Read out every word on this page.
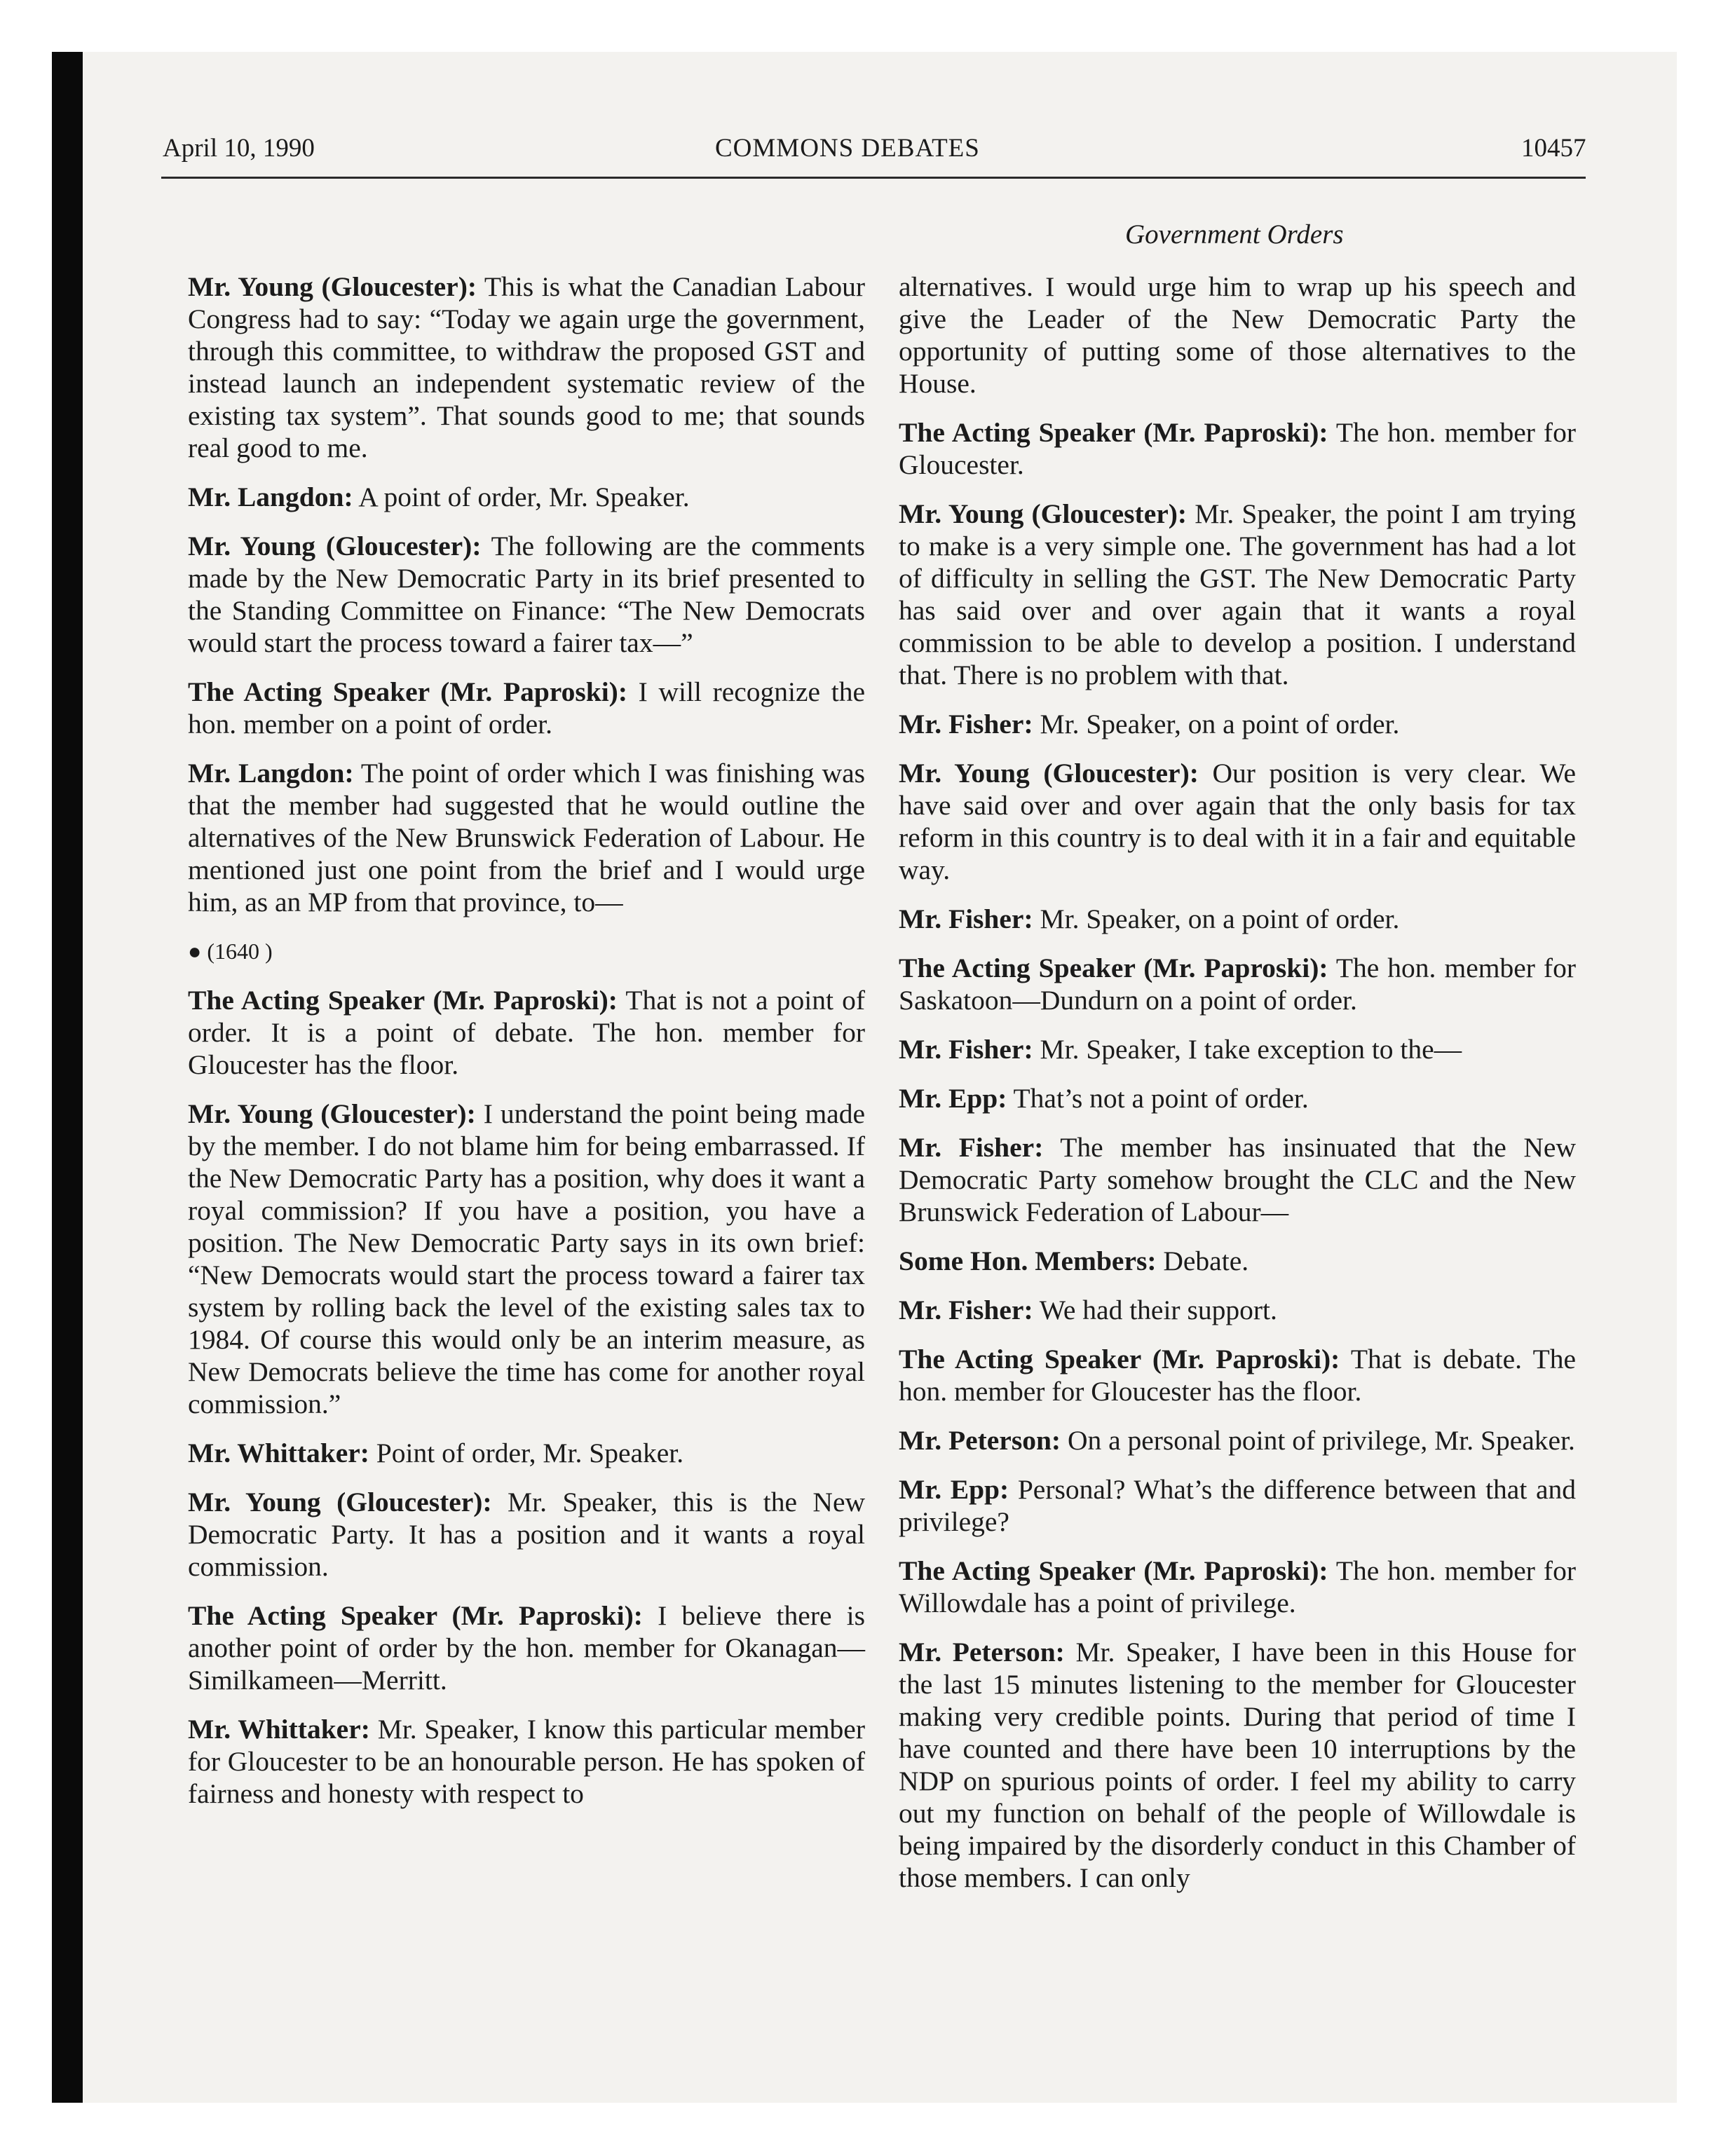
April 10, 1990	COMMONS DEBATES	10457
Government Orders

Mr. Young (Gloucester): This is what the Canadian Labour Congress had to say: “Today we again urge the government, through this committee, to withdraw the proposed GST and instead launch an independent systematic review of the existing tax system”. That sounds good to me; that sounds real good to me.

Mr. Langdon: A point of order, Mr. Speaker.

Mr. Young (Gloucester): The following are the comments made by the New Democratic Party in its brief presented to the Standing Committee on Finance: “The New Democrats would start the process toward a fairer tax—”

The Acting Speaker (Mr. Paproski): I will recognize the hon. member on a point of order.

Mr. Langdon: The point of order which I was finishing was that the member had suggested that he would outline the alternatives of the New Brunswick Federation of Labour. He mentioned just one point from the brief and I would urge him, as an MP from that province, to—

● (1640 )

The Acting Speaker (Mr. Paproski): That is not a point of order. It is a point of debate. The hon. member for Gloucester has the floor.

Mr. Young (Gloucester): I understand the point being made by the member. I do not blame him for being embarrassed. If the New Democratic Party has a position, why does it want a royal commission? If you have a position, you have a position. The New Democratic Party says in its own brief: “New Democrats would start the process toward a fairer tax system by rolling back the level of the existing sales tax to 1984. Of course this would only be an interim measure, as New Democrats believe the time has come for another royal commission.”

Mr. Whittaker: Point of order, Mr. Speaker.

Mr. Young (Gloucester): Mr. Speaker, this is the New Democratic Party. It has a position and it wants a royal commission.

The Acting Speaker (Mr. Paproski): I believe there is another point of order by the hon. member for Okanagan—Similkameen—Merritt.

Mr. Whittaker: Mr. Speaker, I know this particular member for Gloucester to be an honourable person. He has spoken of fairness and honesty with respect to

alternatives. I would urge him to wrap up his speech and give the Leader of the New Democratic Party the opportunity of putting some of those alternatives to the House.

The Acting Speaker (Mr. Paproski): The hon. member for Gloucester.

Mr. Young (Gloucester): Mr. Speaker, the point I am trying to make is a very simple one. The government has had a lot of difficulty in selling the GST. The New Democratic Party has said over and over again that it wants a royal commission to be able to develop a position. I understand that. There is no problem with that.

Mr. Fisher: Mr. Speaker, on a point of order.

Mr. Young (Gloucester): Our position is very clear. We have said over and over again that the only basis for tax reform in this country is to deal with it in a fair and equitable way.

Mr. Fisher: Mr. Speaker, on a point of order.

The Acting Speaker (Mr. Paproski): The hon. member for Saskatoon—Dundurn on a point of order.

Mr. Fisher: Mr. Speaker, I take exception to the—

Mr. Epp: That’s not a point of order.

Mr. Fisher: The member has insinuated that the New Democratic Party somehow brought the CLC and the New Brunswick Federation of Labour—

Some Hon. Members: Debate.

Mr. Fisher: We had their support.

The Acting Speaker (Mr. Paproski): That is debate. The hon. member for Gloucester has the floor.

Mr. Peterson: On a personal point of privilege, Mr. Speaker.

Mr. Epp: Personal? What’s the difference between that and privilege?

The Acting Speaker (Mr. Paproski): The hon. member for Willowdale has a point of privilege.

Mr. Peterson: Mr. Speaker, I have been in this House for the last 15 minutes listening to the member for Gloucester making very credible points. During that period of time I have counted and there have been 10 interruptions by the NDP on spurious points of order. I feel my ability to carry out my function on behalf of the people of Willowdale is being impaired by the disorderly conduct in this Chamber of those members. I can only
